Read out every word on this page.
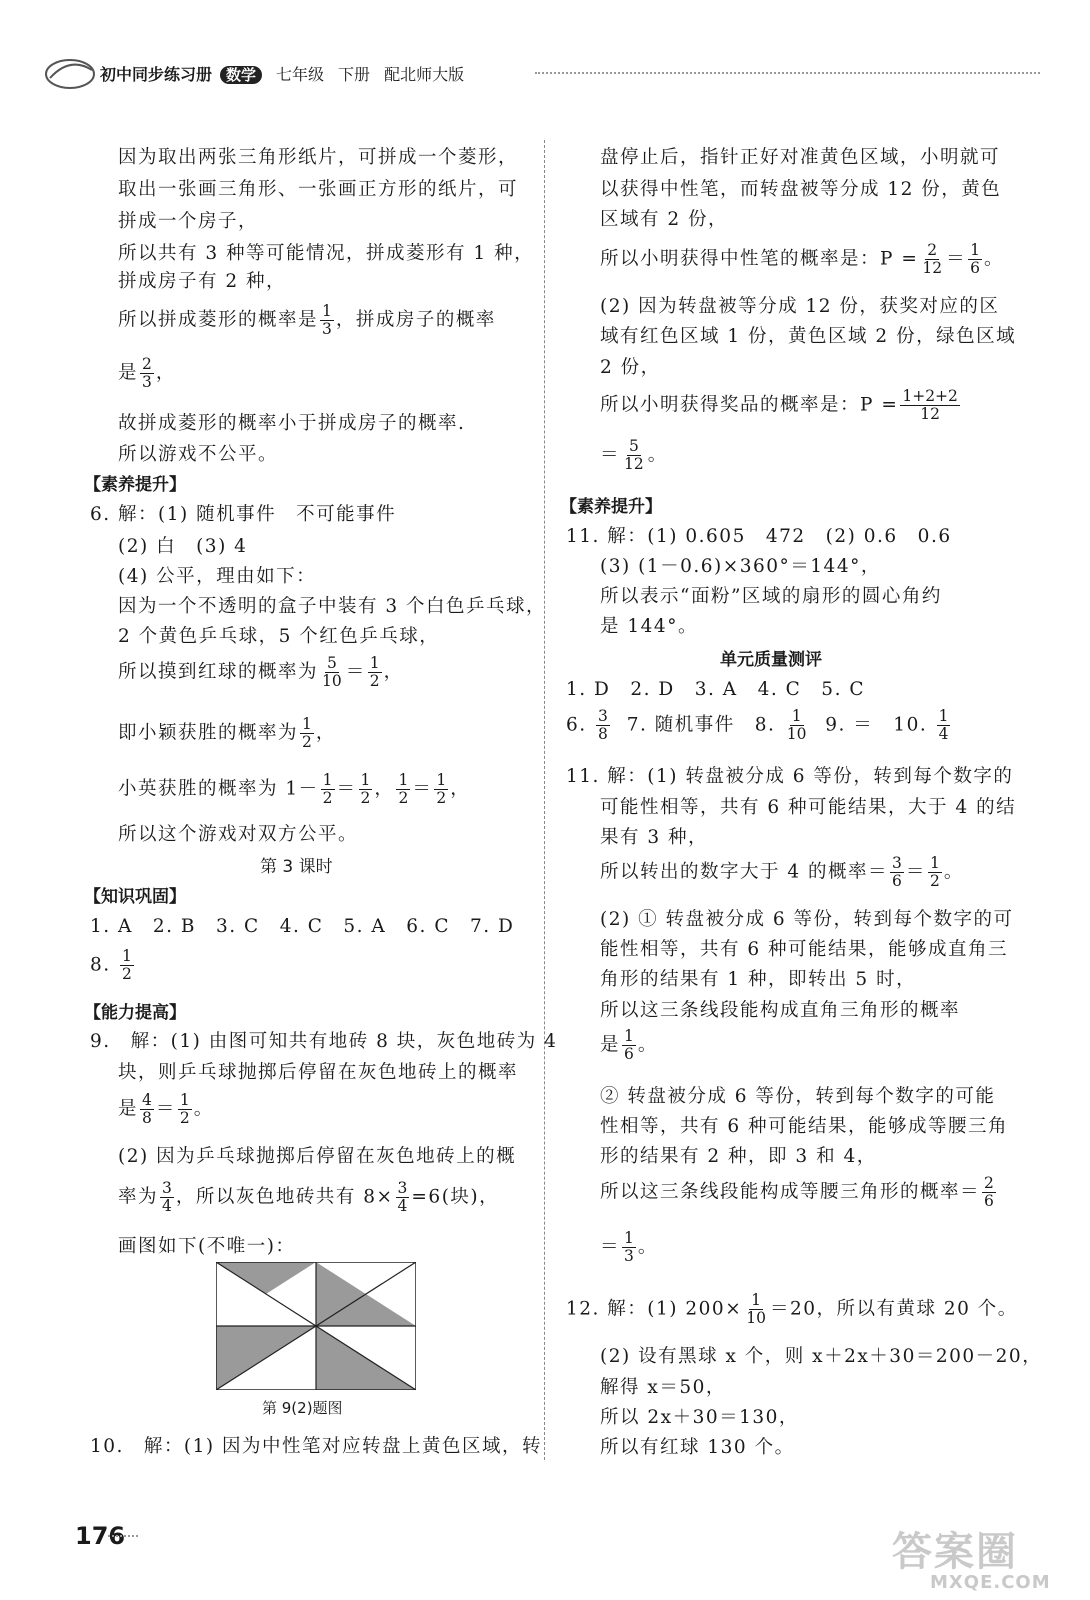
初中同步练习册 数学 七年级 下册 配北师大版
因为取出两张三角形纸片，可拼成一个菱形，
取出一张画三角形、一张画正方形的纸片，可
拼成一个房子，
所以共有 3 种等可能情况，拼成菱形有 1 种，
拼成房子有 2 种，
所以拼成菱形的概率是 $\frac{1}{3}$ ，拼成房子的概率
是 $\frac{2}{3}$ ，
故拼成菱形的概率小于拼成房子的概率.
所以游戏不公平。
【素养提升】
6. 解：(1) 随机事件　不可能事件
(2) 白　(3) 4
(4) 公平，理由如下：
因为一个不透明的盒子中装有 3 个白色乒乓球，
2 个黄色乒乓球，5 个红色乒乓球，
所以摸到红球的概率为 $\frac{5}{10} = \frac{1}{2}$ ，
即小颖获胜的概率为 $\frac{1}{2}$ ，
小英获胜的概率为 $1- \frac{1}{2} = \frac{1}{2}$ ， $\frac{1}{2} = \frac{1}{2}$ ，
所以这个游戏对双方公平。
第 3 课时
【知识巩固】
1. A　2. B　3. C　4. C　5. A　6. C　7. D
8. $\frac{1}{2}$
【能力提高】
9.　解：(1) 由图可知共有地砖 8 块，灰色地砖为 4
块，则乒乓球抛掷后停留在灰色地砖上的概率
是 $\frac{4}{8} = \frac{1}{2}$ 。
(2) 因为乒乓球抛掷后停留在灰色地砖上的概
率为 $\frac{3}{4}$ ，所以灰色地砖共有 $8\times \frac{3}{4} =6$(块)，
画图如下(不唯一)：
第 9(2)题图
10.　解：(1) 因为中性笔对应转盘上黄色区域，转
盘停止后，指针正好对准黄色区域，小明就可
以获得中性笔，而转盘被等分成 12 份，黄色
区域有 2 份，
所以小明获得中性笔的概率是：$P = \frac{2}{12} = \frac{1}{6}$ 。
(2) 因为转盘被等分成 12 份，获奖对应的区
域有红色区域 1 份，黄色区域 2 份，绿色区域
2 份，
所以小明获得奖品的概率是：$P = \frac{1+2+2}{12}$
＝ $\frac{5}{12}$ 。
【素养提升】
11. 解：(1) 0.605　472　(2) 0.6　0.6
(3) (1－0.6)×360°＝144°，
所以表示“面粉”区域的扇形的圆心角约
是 144°。
单元质量测评
1. D　2. D　3. A　4. C　5. C
6. $\frac{3}{8} 7$. 随机事件　8. $\frac{1}{10} 9$. ＝　10. $\frac{1}{4}$
11. 解：(1) 转盘被分成 6 等份，转到每个数字的
可能性相等，共有 6 种可能结果，大于 4 的结
果有 3 种，
所以转出的数字大于 4 的概率＝ $\frac{3}{6} = \frac{1}{2}$ 。
(2) ① 转盘被分成 6 等份，转到每个数字的可
能性相等，共有 6 种可能结果，能够成直角三
角形的结果有 1 种，即转出 5 时，
所以这三条线段能构成直角三角形的概率
是 $\frac{1}{6}$ 。
② 转盘被分成 6 等份，转到每个数字的可能
性相等，共有 6 种可能结果，能够成等腰三角
形的结果有 2 种，即 3 和 4，
所以这三条线段能构成等腰三角形的概率＝ $\frac{2}{6}$
＝ $\frac{1}{3}$ 。
12. 解：(1) $200\times \frac{1}{10} =20$，所以有黄球 20 个。
(2) 设有黑球 x 个，则 x＋2x＋30＝200－20，
解得 x＝50，
所以 2x＋30＝130，
所以有红球 130 个。
176	答案圈
MXQE.COM
